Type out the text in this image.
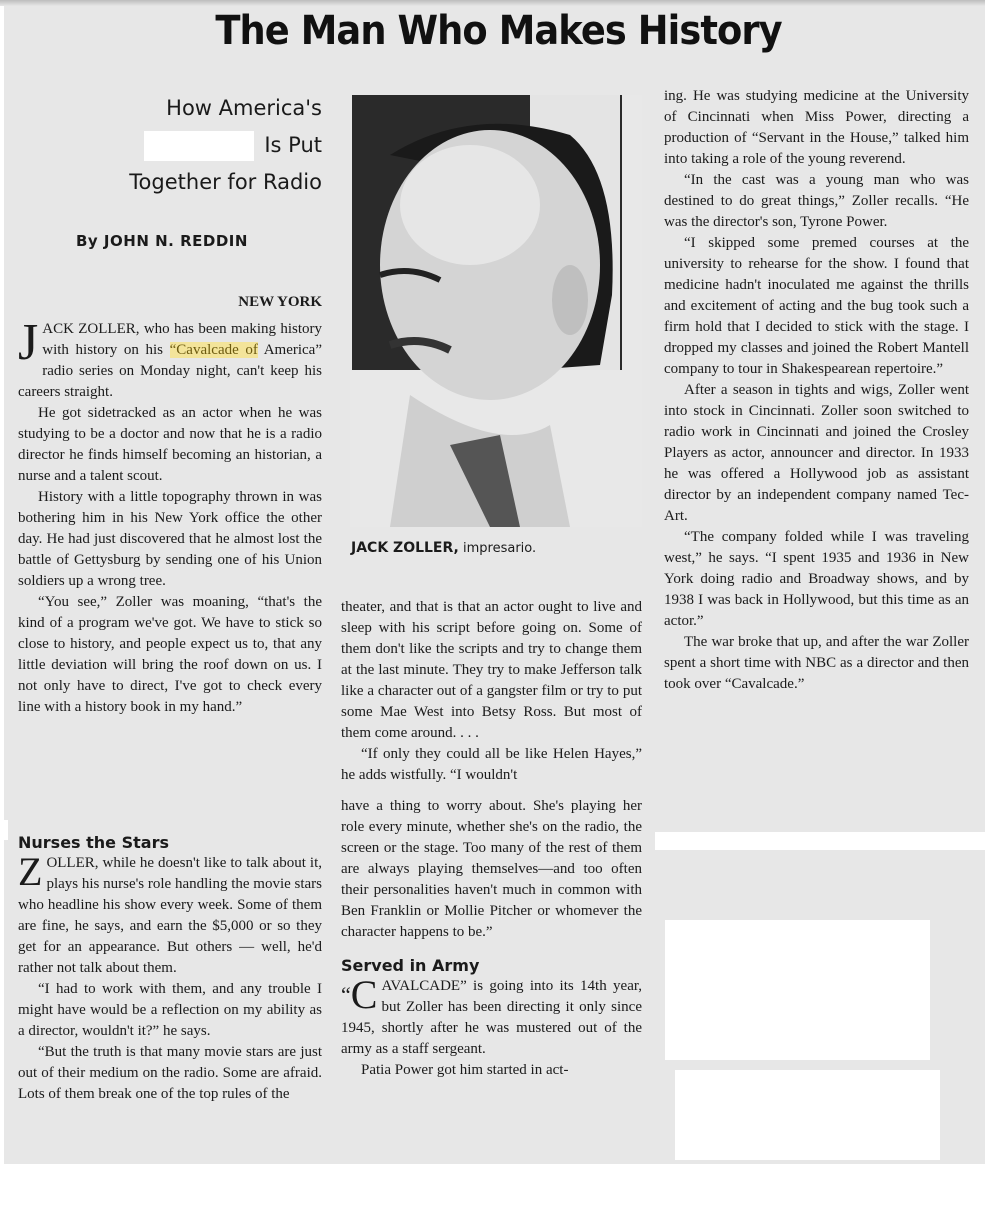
The Man Who Makes History
How America's
Is Put
Together for Radio
By JOHN N. REDDIN
NEW YORK

JACK ZOLLER, who has been making history with history on his “Cavalcade of America” radio series on Monday night, can't keep his careers straight.

He got sidetracked as an actor when he was studying to be a doctor and now that he is a radio director he finds himself becoming an historian, a nurse and a talent scout.

History with a little topography thrown in was bothering him in his New York office the other day. He had just discovered that he almost lost the battle of Gettysburg by sending one of his Union soldiers up a wrong tree.

“You see,” Zoller was moaning, “that's the kind of a program we've got. We have to stick so close to history, and people expect us to, that any little deviation will bring the roof down on us. I not only have to direct, I've got to check every line with a history book in my hand.”

Nurses the Stars

ZOLLER, while he doesn't like to talk about it, plays his nurse's role handling the movie stars who headline his show every week. Some of them are fine, he says, and earn the $5,000 or so they get for an appearance. But others — well, he'd rather not talk about them.

“I had to work with them, and any trouble I might have would be a reflection on my ability as a director, wouldn't it?” he says.

“But the truth is that many movie stars are just out of their medium on the radio. Some are afraid. Lots of them break one of the top rules of the

JACK ZOLLER, impresario.

theater, and that is that an actor ought to live and sleep with his script before going on. Some of them don't like the scripts and try to change them at the last minute. They try to make Jefferson talk like a character out of a gangster film or try to put some Mae West into Betsy Ross. But most of them come around. . . .

“If only they could all be like Helen Hayes,” he adds wistfully. “I wouldn't

have a thing to worry about. She's playing her role every minute, whether she's on the radio, the screen or the stage. Too many of the rest of them are always playing themselves—and too often their personalities haven't much in common with Ben Franklin or Mollie Pitcher or whomever the character happens to be.”

Served in Army

“C AVALCADE” is going into its 14th year, but Zoller has been directing it only since 1945, shortly after he was mustered out of the army as a staff sergeant.

Patia Power got him started in act-

ing. He was studying medicine at the University of Cincinnati when Miss Power, directing a production of “Servant in the House,” talked him into taking a role of the young reverend.

“In the cast was a young man who was destined to do great things,” Zoller recalls. “He was the director's son, Tyrone Power.

“I skipped some premed courses at the university to rehearse for the show. I found that medicine hadn't inoculated me against the thrills and excitement of acting and the bug took such a firm hold that I decided to stick with the stage. I dropped my classes and joined the Robert Mantell company to tour in Shakespearean repertoire.”

After a season in tights and wigs, Zoller went into stock in Cincinnati. Zoller soon switched to radio work in Cincinnati and joined the Crosley Players as actor, announcer and director. In 1933 he was offered a Hollywood job as assistant director by an independent company named Tec-Art.

“The company folded while I was traveling west,” he says. “I spent 1935 and 1936 in New York doing radio and Broadway shows, and by 1938 I was back in Hollywood, but this time as an actor.”

The war broke that up, and after the war Zoller spent a short time with NBC as a director and then took over “Cavalcade.”
